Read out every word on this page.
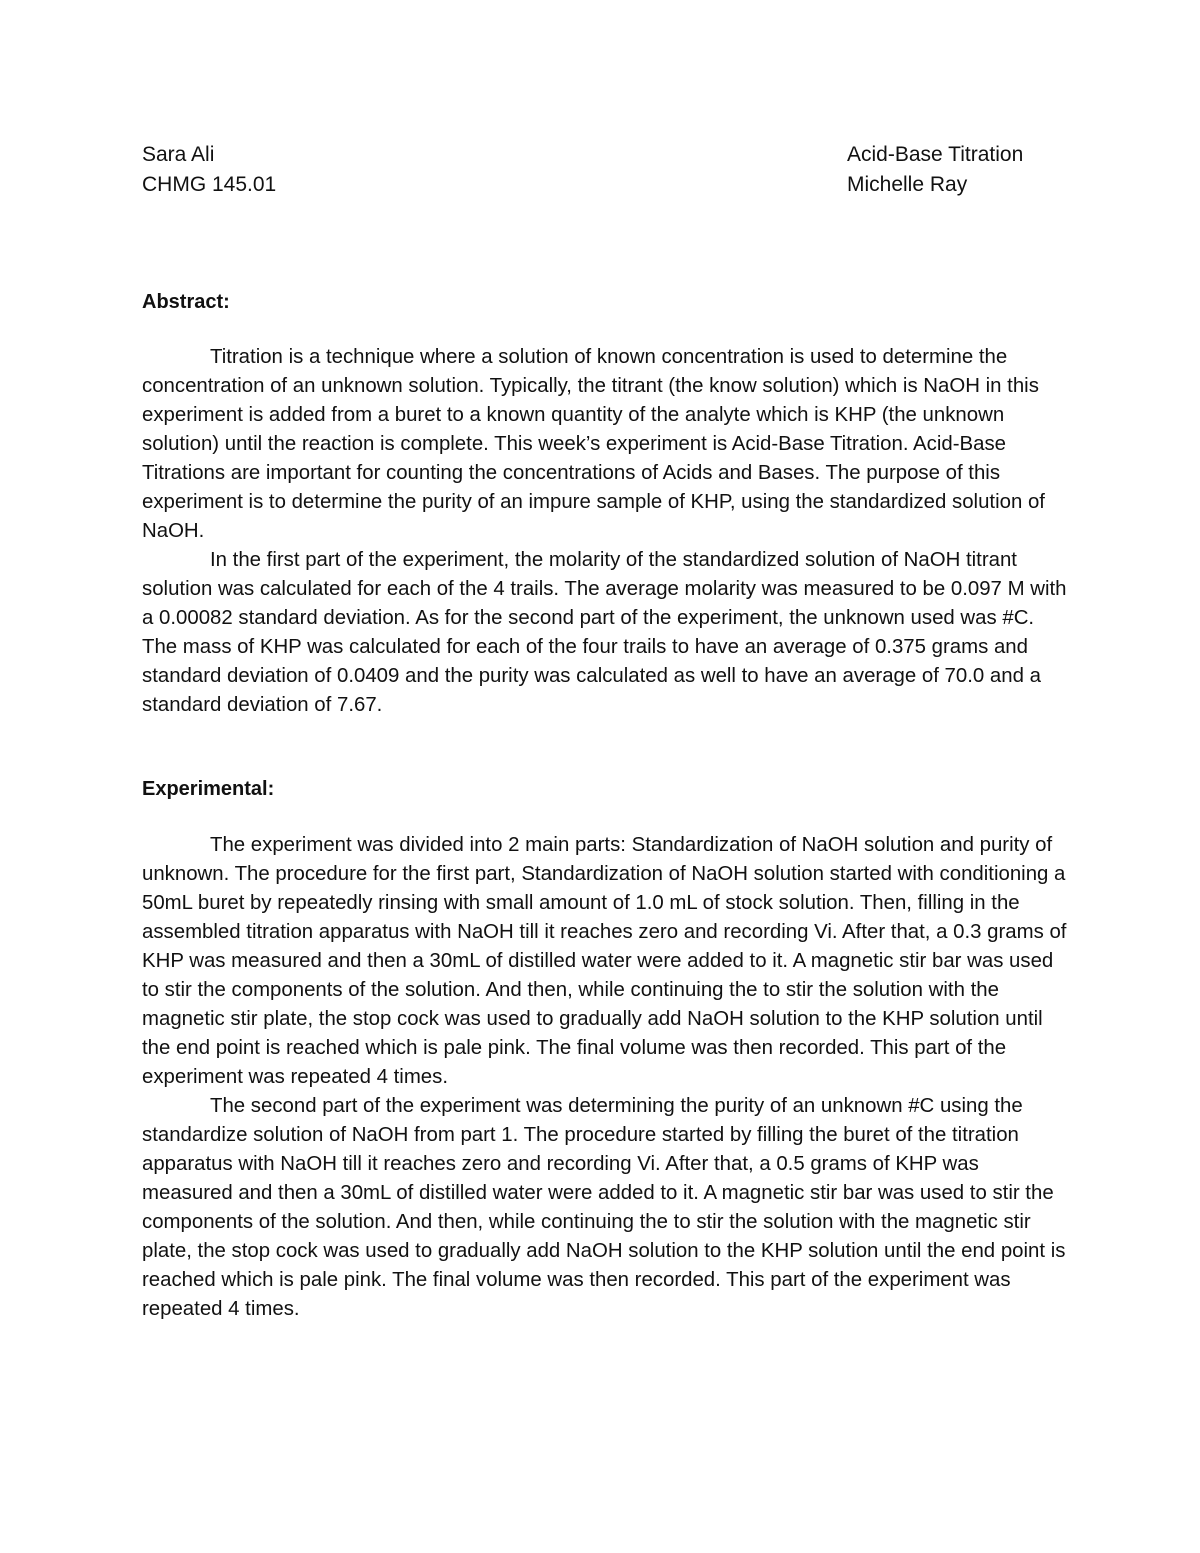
Sara Ali
CHMG 145.01
Acid-Base Titration
Michelle Ray
Abstract:

Titration is a technique where a solution of known concentration is used to determine the concentration of an unknown solution. Typically, the titrant (the know solution) which is NaOH in this experiment is added from a buret to a known quantity of the analyte which is KHP (the unknown solution) until the reaction is complete. This week’s experiment is Acid-Base Titration. Acid-Base Titrations are important for counting the concentrations of Acids and Bases. The purpose of this experiment is to determine the purity of an impure sample of KHP, using the standardized solution of NaOH.

In the first part of the experiment, the molarity of the standardized solution of NaOH titrant solution was calculated for each of the 4 trails. The average molarity was measured to be 0.097 M with a 0.00082 standard deviation. As for the second part of the experiment, the unknown used was #C. The mass of KHP was calculated for each of the four trails to have an average of 0.375 grams and standard deviation of 0.0409 and the purity was calculated as well to have an average of 70.0 and a standard deviation of 7.67.

Experimental:

The experiment was divided into 2 main parts: Standardization of NaOH solution and purity of unknown. The procedure for the first part, Standardization of NaOH solution started with conditioning a 50mL buret by repeatedly rinsing with small amount of 1.0 mL of stock solution. Then, filling in the assembled titration apparatus with NaOH till it reaches zero and recording Vi. After that, a 0.3 grams of KHP was measured and then a 30mL of distilled water were added to it. A magnetic stir bar was used to stir the components of the solution. And then, while continuing the to stir the solution with the magnetic stir plate, the stop cock was used to gradually add NaOH solution to the KHP solution until the end point is reached which is pale pink. The final volume was then recorded. This part of the experiment was repeated 4 times.

The second part of the experiment was determining the purity of an unknown #C using the standardize solution of NaOH from part 1. The procedure started by filling the buret of the titration apparatus with NaOH till it reaches zero and recording Vi. After that, a 0.5 grams of KHP was measured and then a 30mL of distilled water were added to it. A magnetic stir bar was used to stir the components of the solution. And then, while continuing the to stir the solution with the magnetic stir plate, the stop cock was used to gradually add NaOH solution to the KHP solution until the end point is reached which is pale pink. The final volume was then recorded. This part of the experiment was repeated 4 times.
